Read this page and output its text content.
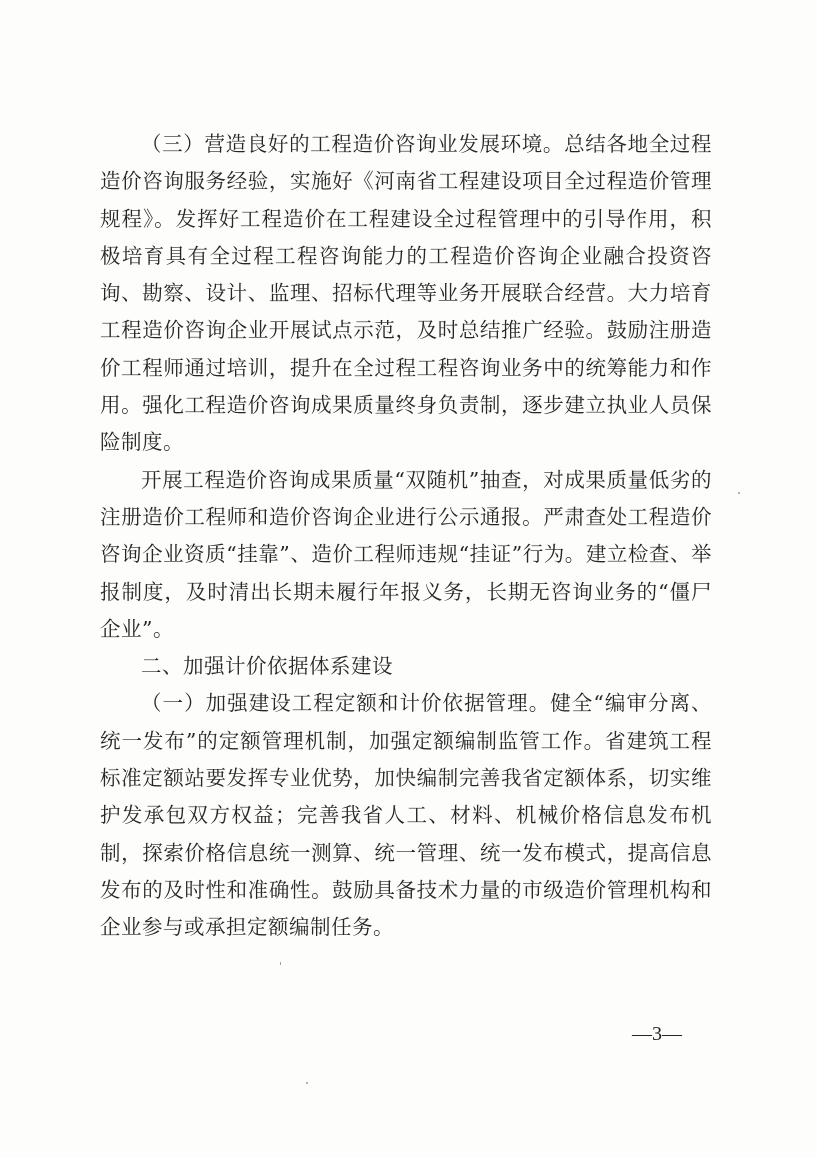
（三）营造良好的工程造价咨询业发展环境。总结各地全过程造价咨询服务经验，实施好《河南省工程建设项目全过程造价管理规程》。发挥好工程造价在工程建设全过程管理中的引导作用，积极培育具有全过程工程咨询能力的工程造价咨询企业融合投资咨询、勘察、设计、监理、招标代理等业务开展联合经营。大力培育工程造价咨询企业开展试点示范，及时总结推广经验。鼓励注册造价工程师通过培训，提升在全过程工程咨询业务中的统筹能力和作用。强化工程造价咨询成果质量终身负责制，逐步建立执业人员保险制度。

开展工程造价咨询成果质量“双随机”抽查，对成果质量低劣的注册造价工程师和造价咨询企业进行公示通报。严肃查处工程造价咨询企业资质“挂靠”、造价工程师违规“挂证”行为。建立检查、举报制度，及时清出长期未履行年报义务，长期无咨询业务的“僵尸企业”。

二、加强计价依据体系建设

（一）加强建设工程定额和计价依据管理。健全“编审分离、统一发布”的定额管理机制，加强定额编制监管工作。省建筑工程标准定额站要发挥专业优势，加快编制完善我省定额体系，切实维护发承包双方权益；完善我省人工、材料、机械价格信息发布机制，探索价格信息统一测算、统一管理、统一发布模式，提高信息发布的及时性和准确性。鼓励具备技术力量的市级造价管理机构和企业参与或承担定额编制任务。

—3—
